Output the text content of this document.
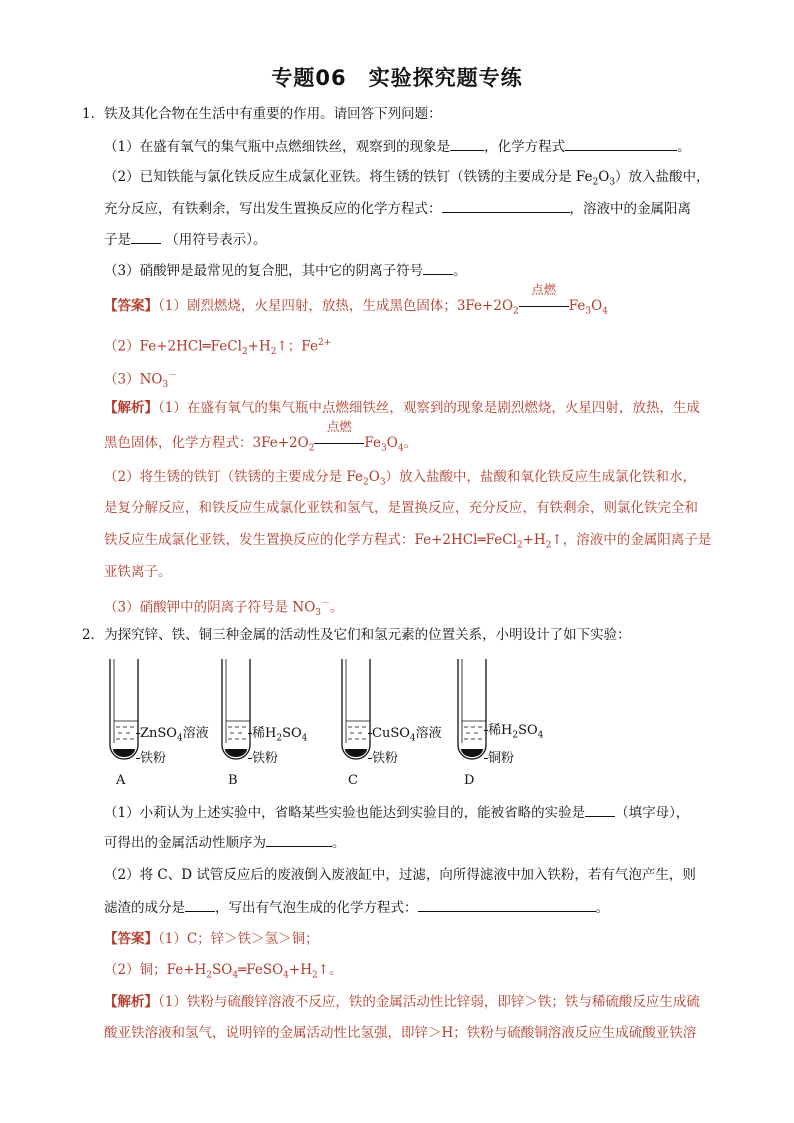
专题06　实验探究题专练
1．铁及其化合物在生活中有重要的作用。请回答下列问题：
（1）在盛有氧气的集气瓶中点燃细铁丝，观察到的现象是	，化学方程式	。
（2）已知铁能与氯化铁反应生成氯化亚铁。将生锈的铁钉（铁锈的主要成分是 $Fe_2O_3$）放入盐酸中，
充分反应，有铁剩余，写出发生置换反应的化学方程式：	，溶液中的金属阳离
子是	（用符号表示）。
（3）硝酸钾是最常见的复合肥，其中它的阴离子符号 。
【答案】（1）剧烈燃烧，火星四射，放热，生成黑色固体；$3Fe+2O_2$
点燃
$Fe_3O_4$
$(2)Fe+2HCl═FeCl_2+H_2↑$；$Fe^{2+}$
$(3)NO_3^-$
【解析】（1）在盛有氧气的集气瓶中点燃细铁丝，观察到的现象是剧烈燃烧，火星四射，放热，生成
黑色固体，化学方程式：$3Fe+2O_2$
点燃
$Fe_3O_4$。
（2）将生锈的铁钉（铁锈的主要成分是 $Fe_2O_3$）放入盐酸中，盐酸和氧化铁反应生成氯化铁和水，
是复分解反应，和铁反应生成氯化亚铁和氢气，是置换反应，充分反应，有铁剩余，则氯化铁完全和
铁反应生成氯化亚铁，发生置换反应的化学方程式：$Fe+2HCl═FeCl_2+H_2↑$，溶液中的金属阳离子是
亚铁离子。
（3）硝酸钾中的阴离子符号是 $NO_3^-$。
2．为探究锌、铁、铜三种金属的活动性及它们和氢元素的位置关系，小明设计了如下实验：
ZnSO$_4$溶液
铁粉
A
稀$H_2SO_4$
铁粉
B
CuSO$_4$溶液
铁粉
C
稀$H_2SO_4$
铜粉
D
（1）小莉认为上述实验中，省略某些实验也能达到实验目的，能被省略的实验是 （填字母），
可得出的金属活动性顺序为	。
（2）将 C、D 试管反应后的废液倒入废液缸中，过滤，向所得滤液中加入铁粉，若有气泡产生，则
滤渣的成分是 ，写出有气泡生成的化学方程式：	。
【答案】（1）C；锌＞铁＞氢＞铜；
（2）铜；$Fe+H_2SO_4═FeSO_4+H_2↑$。
【解析】（1）铁粉与硫酸锌溶液不反应，铁的金属活动性比锌弱，即锌＞铁；铁与稀硫酸反应生成硫
酸亚铁溶液和氢气，说明锌的金属活动性比氢强，即锌＞H；铁粉与硫酸铜溶液反应生成硫酸亚铁溶
